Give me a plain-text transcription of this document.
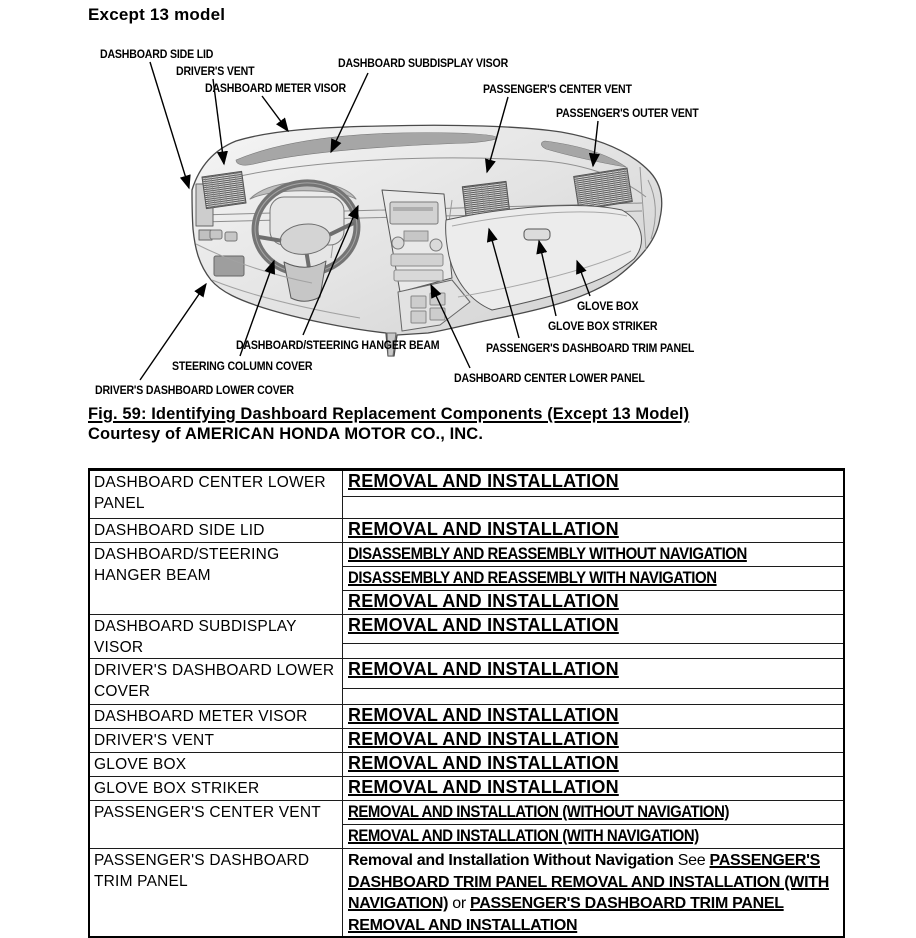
Except 13 model
DASHBOARD SIDE LID
DRIVER'S VENT
DASHBOARD METER VISOR
DASHBOARD SUBDISPLAY VISOR
PASSENGER'S CENTER VENT
PASSENGER'S OUTER VENT
GLOVE BOX
GLOVE BOX STRIKER
PASSENGER'S DASHBOARD TRIM PANEL
DASHBOARD CENTER LOWER PANEL
DASHBOARD/STEERING HANGER BEAM
STEERING COLUMN COVER
DRIVER'S DASHBOARD LOWER COVER
Fig. 59: Identifying Dashboard Replacement Components (Except 13 Model)
Courtesy of AMERICAN HONDA MOTOR CO., INC.
DASHBOARD CENTER LOWER PANEL	REMOVAL AND INSTALLATION

DASHBOARD SIDE LID	REMOVAL AND INSTALLATION
DASHBOARD/STEERING HANGER BEAM	DISASSEMBLY AND REASSEMBLY WITHOUT NAVIGATION
	DISASSEMBLY AND REASSEMBLY WITH NAVIGATION
	REMOVAL AND INSTALLATION
DASHBOARD SUBDISPLAY VISOR	REMOVAL AND INSTALLATION

DRIVER'S DASHBOARD LOWER COVER	REMOVAL AND INSTALLATION

DASHBOARD METER VISOR	REMOVAL AND INSTALLATION
DRIVER'S VENT	REMOVAL AND INSTALLATION
GLOVE BOX	REMOVAL AND INSTALLATION
GLOVE BOX STRIKER	REMOVAL AND INSTALLATION
PASSENGER'S CENTER VENT	REMOVAL AND INSTALLATION (WITHOUT NAVIGATION)
	REMOVAL AND INSTALLATION (WITH NAVIGATION)
PASSENGER'S DASHBOARD TRIM PANEL	Removal and Installation Without Navigation See PASSENGER'S DASHBOARD TRIM PANEL REMOVAL AND INSTALLATION (WITH NAVIGATION) or PASSENGER'S DASHBOARD TRIM PANEL REMOVAL AND INSTALLATION
